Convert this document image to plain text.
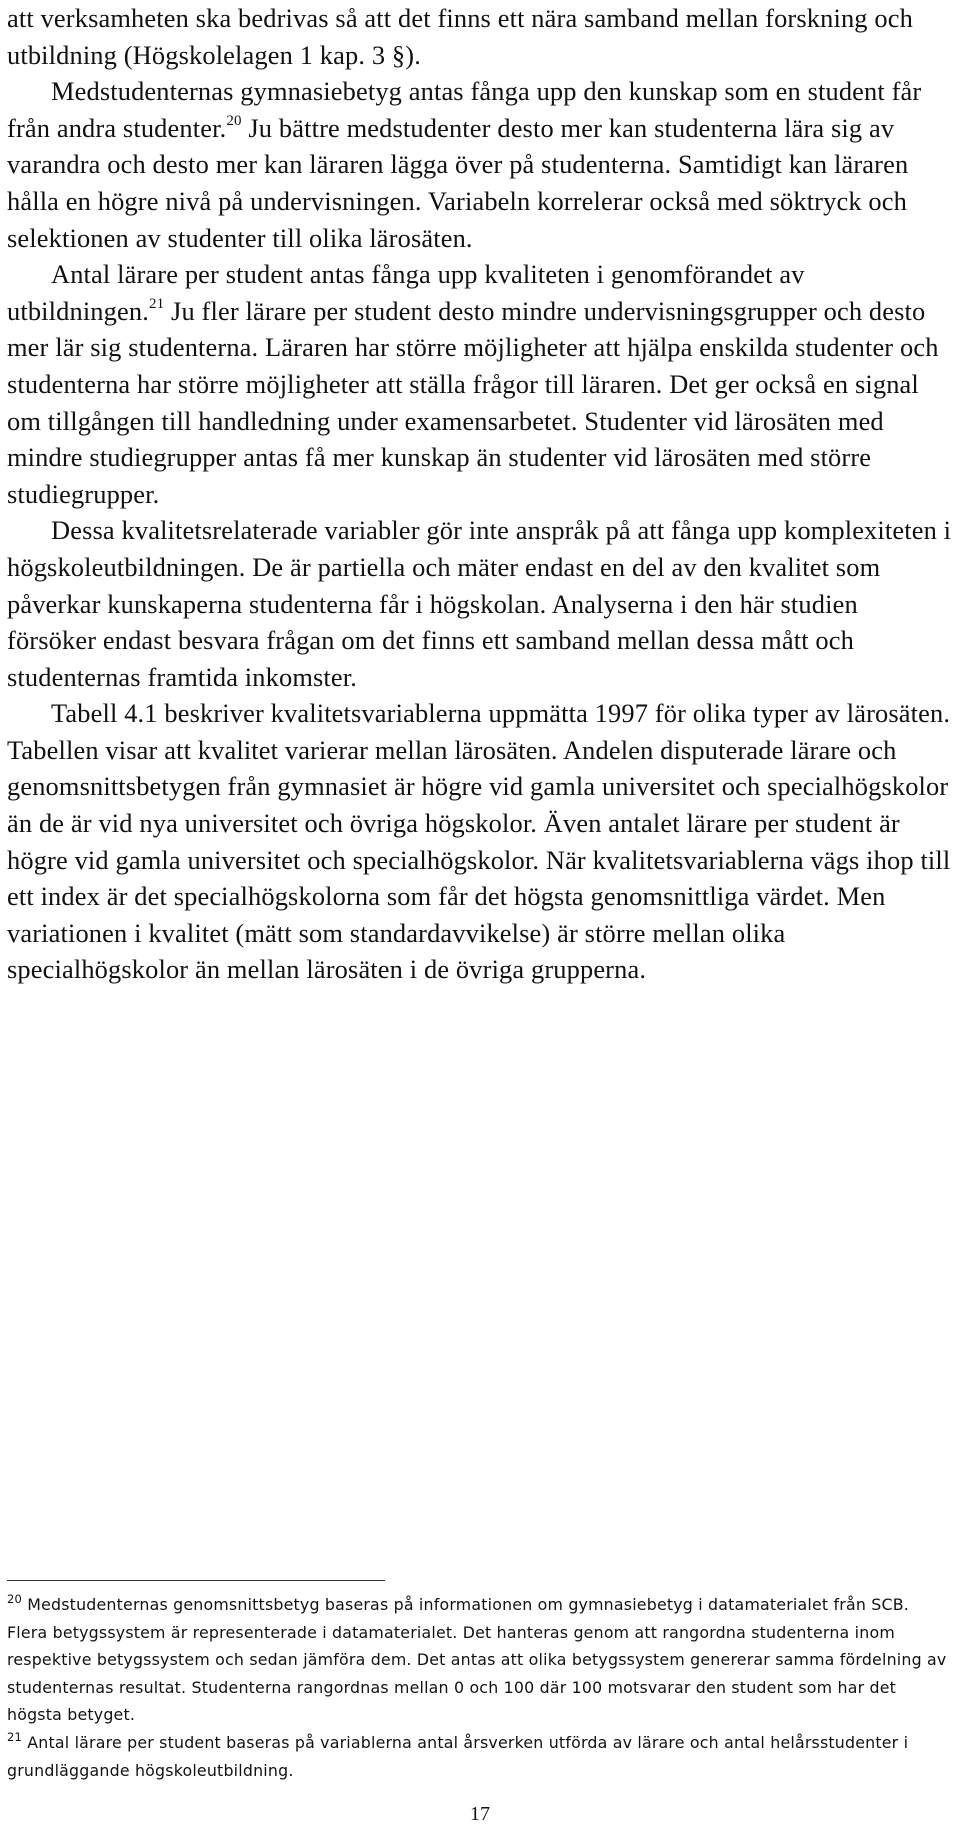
att verksamheten ska bedrivas så att det finns ett nära samband mellan forskning och utbildning (Högskolelagen 1 kap. 3 §).

Medstudenternas gymnasiebetyg antas fånga upp den kunskap som en student får från andra studenter.$^{20}$ Ju bättre medstudenter desto mer kan studenterna lära sig av varandra och desto mer kan läraren lägga över på studenterna. Samtidigt kan läraren hålla en högre nivå på undervisningen. Variabeln korrelerar också med söktryck och selektionen av studenter till olika lärosäten.

Antal lärare per student antas fånga upp kvaliteten i genomförandet av utbildningen.$^{21}$ Ju fler lärare per student desto mindre undervisningsgrupper och desto mer lär sig studenterna. Läraren har större möjligheter att hjälpa enskilda studenter och studenterna har större möjligheter att ställa frågor till läraren. Det ger också en signal om tillgången till handledning under examensarbetet. Studenter vid lärosäten med mindre studiegrupper antas få mer kunskap än studenter vid lärosäten med större studiegrupper.

Dessa kvalitetsrelaterade variabler gör inte anspråk på att fånga upp komplexiteten i högskoleutbildningen. De är partiella och mäter endast en del av den kvalitet som påverkar kunskaperna studenterna får i högskolan. Analyserna i den här studien försöker endast besvara frågan om det finns ett samband mellan dessa mått och studenternas framtida inkomster.

Tabell 4.1 beskriver kvalitetsvariablerna uppmätta 1997 för olika typer av lärosäten. Tabellen visar att kvalitet varierar mellan lärosäten. Andelen disputerade lärare och genomsnittsbetygen från gymnasiet är högre vid gamla universitet och specialhögskolor än de är vid nya universitet och övriga högskolor. Även antalet lärare per student är högre vid gamla universitet och specialhögskolor. När kvalitetsvariablerna vägs ihop till ett index är det specialhögskolorna som får det högsta genomsnittliga värdet. Men variationen i kvalitet (mätt som standardavvikelse) är större mellan olika specialhögskolor än mellan lärosäten i de övriga grupperna.

$^{20}$ Medstudenternas genomsnittsbetyg baseras på informationen om gymnasiebetyg i datamaterialet från SCB. Flera betygssystem är representerade i datamaterialet. Det hanteras genom att rangordna studenterna inom respektive betygssystem och sedan jämföra dem. Det antas att olika betygssystem genererar samma fördelning av studenternas resultat. Studenterna rangordnas mellan 0 och 100 där 100 motsvarar den student som har det högsta betyget.

$^{21}$ Antal lärare per student baseras på variablerna antal årsverken utförda av lärare och antal helårsstudenter i grundläggande högskoleutbildning.

17
